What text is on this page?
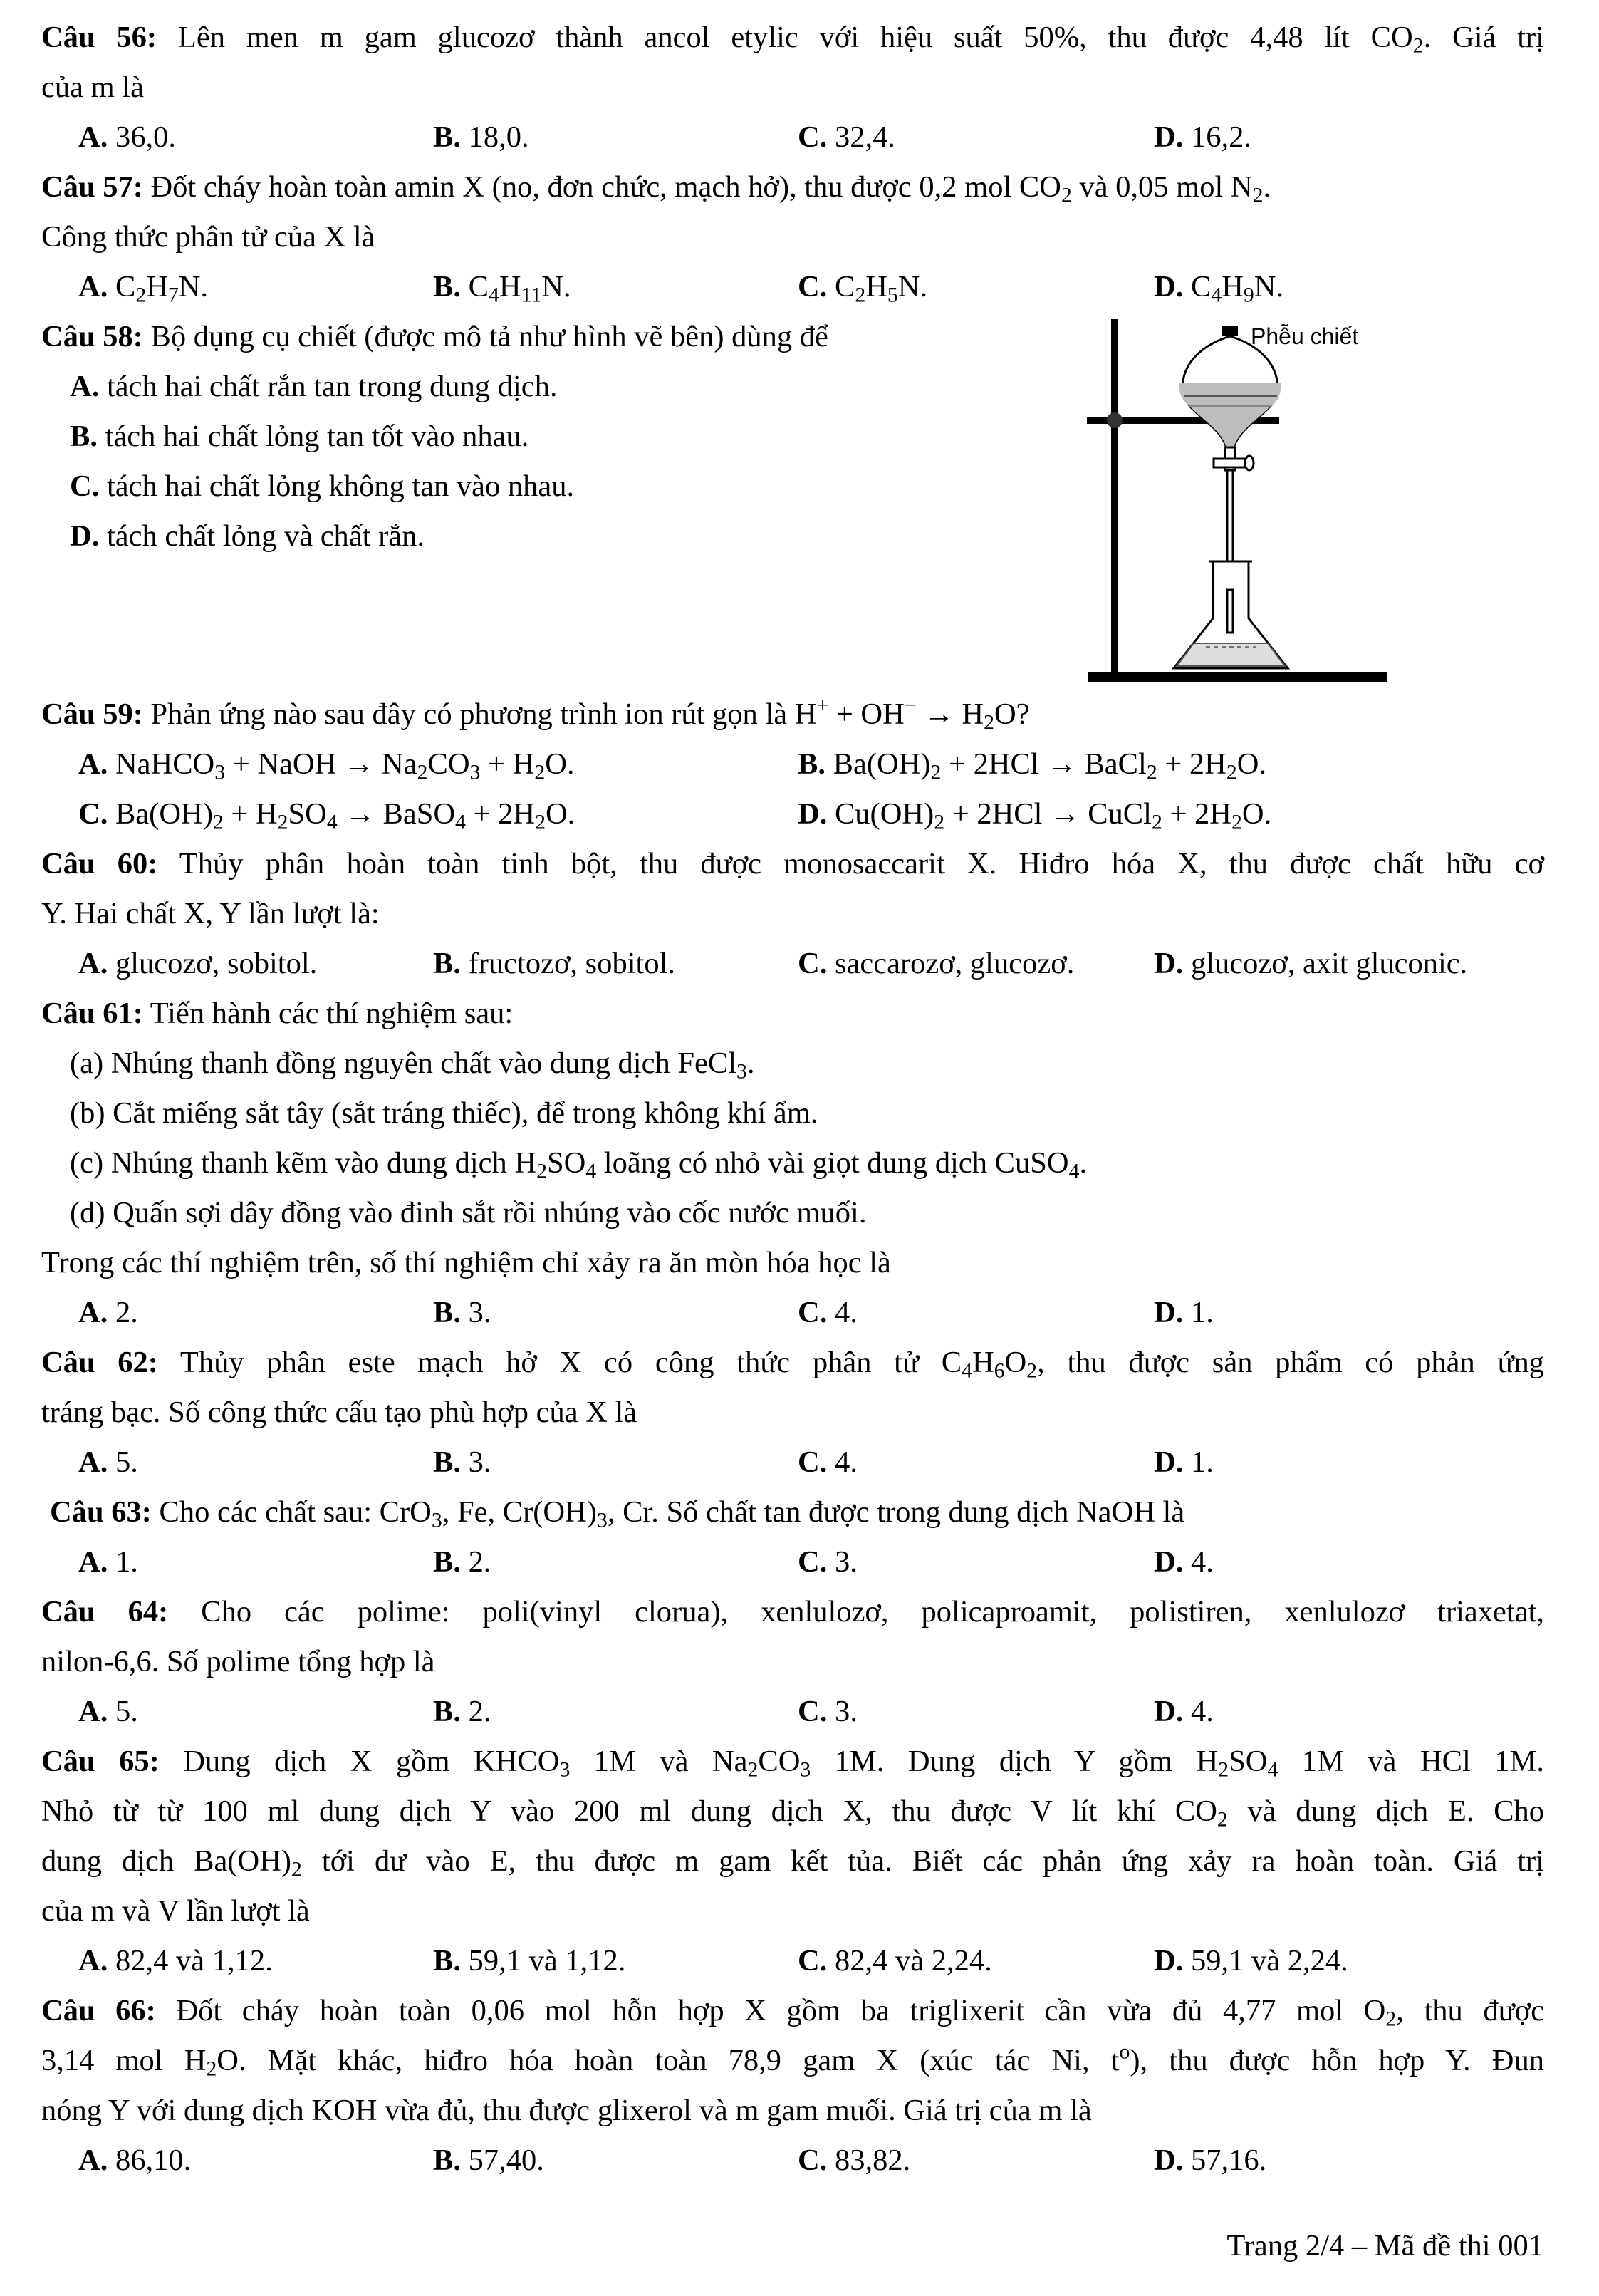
Câu 56: Lên men m gam glucozơ thành ancol etylic với hiệu suất 50%, thu được 4,48 lít $CO_2$. Giá trị
của m là
A. 36,0.	B. 18,0.	C. 32,4.	D. 16,2.
Câu 57: Đốt cháy hoàn toàn amin X (no, đơn chức, mạch hở), thu được 0,2 mol $CO_2$ và 0,05 mol $N_2$.
Công thức phân tử của X là
A. $C_2H_7N$.	B. $C_4H_{11}N$.	C. $C_2H_5N$.	D. $C_4H_9N$.
Câu 58: Bộ dụng cụ chiết (được mô tả như hình vẽ bên) dùng để
A. tách hai chất rắn tan trong dung dịch.
B. tách hai chất lỏng tan tốt vào nhau.
C. tách hai chất lỏng không tan vào nhau.
D. tách chất lỏng và chất rắn.
Phễu chiết
Câu 59: Phản ứng nào sau đây có phương trình ion rút gọn là $H^+ + OH^- \to H_2O$?
A. NaHCO$_3$ + NaOH → $Na_2CO_3 + H_2O$.	B. $Ba(OH)_2 + 2HCl$ → BaCl$_2$ + $2H_2O$.
C. $Ba(OH)_2 + H_2SO_4$ → BaSO$_4$ + $2H_2O$.	D. $Cu(OH)_2 + 2HCl$ → CuCl$_2$ + $2H_2O$.
Câu 60: Thủy phân hoàn toàn tinh bột, thu được monosaccarit X. Hiđro hóa X, thu được chất hữu cơ
Y. Hai chất X, Y lần lượt là:
A. glucozơ, sobitol.	B. fructozơ, sobitol.	C. saccarozơ, glucozơ.	D. glucozơ, axit gluconic.
Câu 61: Tiến hành các thí nghiệm sau:
(a) Nhúng thanh đồng nguyên chất vào dung dịch FeCl$_3$.
(b) Cắt miếng sắt tây (sắt tráng thiếc), để trong không khí ẩm.
(c) Nhúng thanh kẽm vào dung dịch $H_2SO_4$ loãng có nhỏ vài giọt dung dịch CuSO$_4$.
(d) Quấn sợi dây đồng vào đinh sắt rồi nhúng vào cốc nước muối.
Trong các thí nghiệm trên, số thí nghiệm chỉ xảy ra ăn mòn hóa học là
A. 2.	B. 3.	C. 4.	D. 1.
Câu 62: Thủy phân este mạch hở X có công thức phân tử $C_4H_6O_2$, thu được sản phẩm có phản ứng
tráng bạc. Số công thức cấu tạo phù hợp của X là
A. 5.	B. 3.	C. 4.	D. 1.
Câu 63: Cho các chất sau: CrO$_3$, Fe, $Cr(OH)_3$, Cr. Số chất tan được trong dung dịch NaOH là
A. 1.	B. 2.	C. 3.	D. 4.
Câu 64: Cho các polime: poli(vinyl clorua), xenlulozơ, policaproamit, polistiren, xenlulozơ triaxetat,
nilon-6,6. Số polime tổng hợp là
A. 5.	B. 2.	C. 3.	D. 4.
Câu 65: Dung dịch X gồm $KHCO_3$ 1M và $Na_2CO_3$ 1M. Dung dịch Y gồm $H_2SO_4$ 1M và HCl 1M.
Nhỏ từ từ 100 ml dung dịch Y vào 200 ml dung dịch X, thu được V lít khí $CO_2$ và dung dịch E. Cho
dung dịch $Ba(OH)_2$ tới dư vào E, thu được m gam kết tủa. Biết các phản ứng xảy ra hoàn toàn. Giá trị
của m và V lần lượt là
A. 82,4 và 1,12.	B. 59,1 và 1,12.	C. 82,4 và 2,24.	D. 59,1 và 2,24.
Câu 66: Đốt cháy hoàn toàn 0,06 mol hỗn hợp X gồm ba triglixerit cần vừa đủ 4,77 mol $O_2$, thu được
3,14 mol $H_2O$. Mặt khác, hiđro hóa hoàn toàn 78,9 gam X (xúc tác Ni, $t^o$), thu được hỗn hợp Y. Đun
nóng Y với dung dịch KOH vừa đủ, thu được glixerol và m gam muối. Giá trị của m là
A. 86,10.	B. 57,40.	C. 83,82.	D. 57,16.
Trang 2/4 – Mã đề thi 001
